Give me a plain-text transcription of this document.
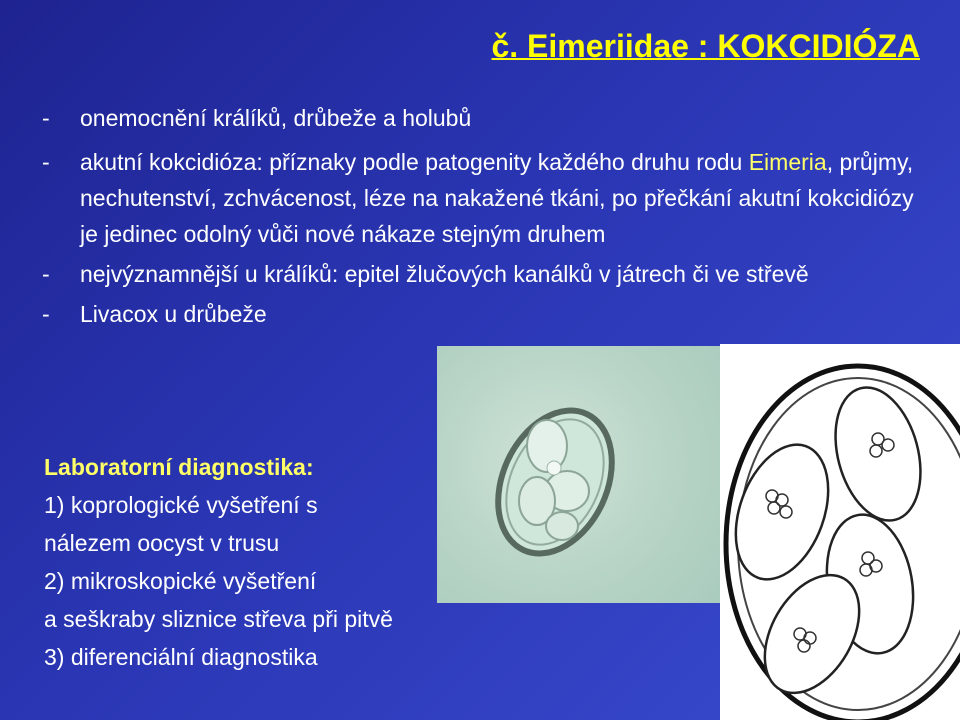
č. Eimeriidae : KOKCIDIÓZA
- onemocnění králíků, drůbeže a holubů
- akutní kokcidióza: příznaky podle patogenity každého druhu rodu Eimeria, průjmy, nechutenství, zchvácenost, léze na nakažené tkáni, po přečkání akutní kokcidiózy je jedinec odolný vůči nové nákaze stejným druhem
- nejvýznamnější u králíků: epitel žlučových kanálků v játrech či ve střevě
- Livacox u drůbeže
Laboratorní diagnostika:
1) koprologické vyšetření s
nálezem oocyst v trusu
2) mikroskopické vyšetření
a seškraby sliznice střeva při pitvě
3) diferenciální diagnostika
